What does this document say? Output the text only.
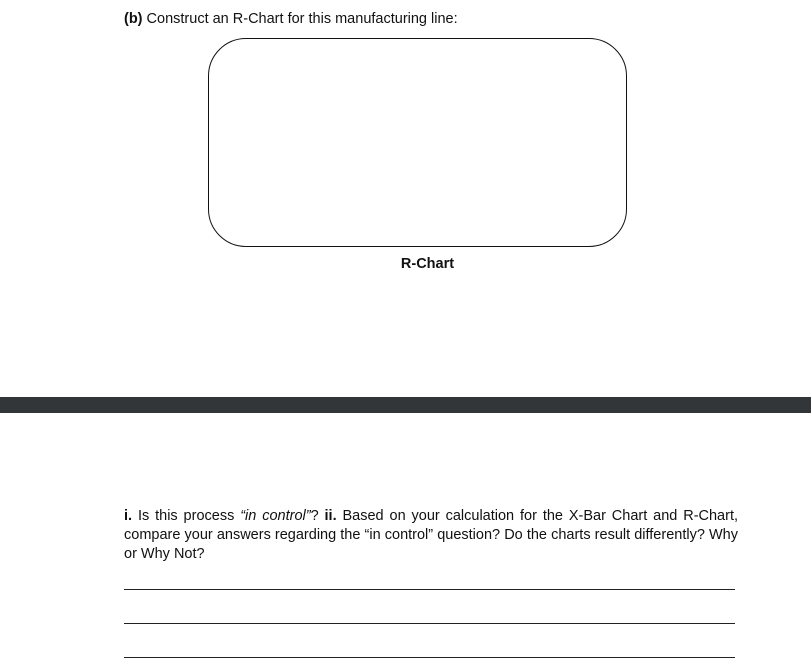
(b) Construct an R-Chart for this manufacturing line:
R-Chart
i. Is this process “in control”? ii. Based on your calculation for the X-Bar Chart and R-Chart, compare your answers regarding the “in control” question? Do the charts result differently? Why or Why Not?
